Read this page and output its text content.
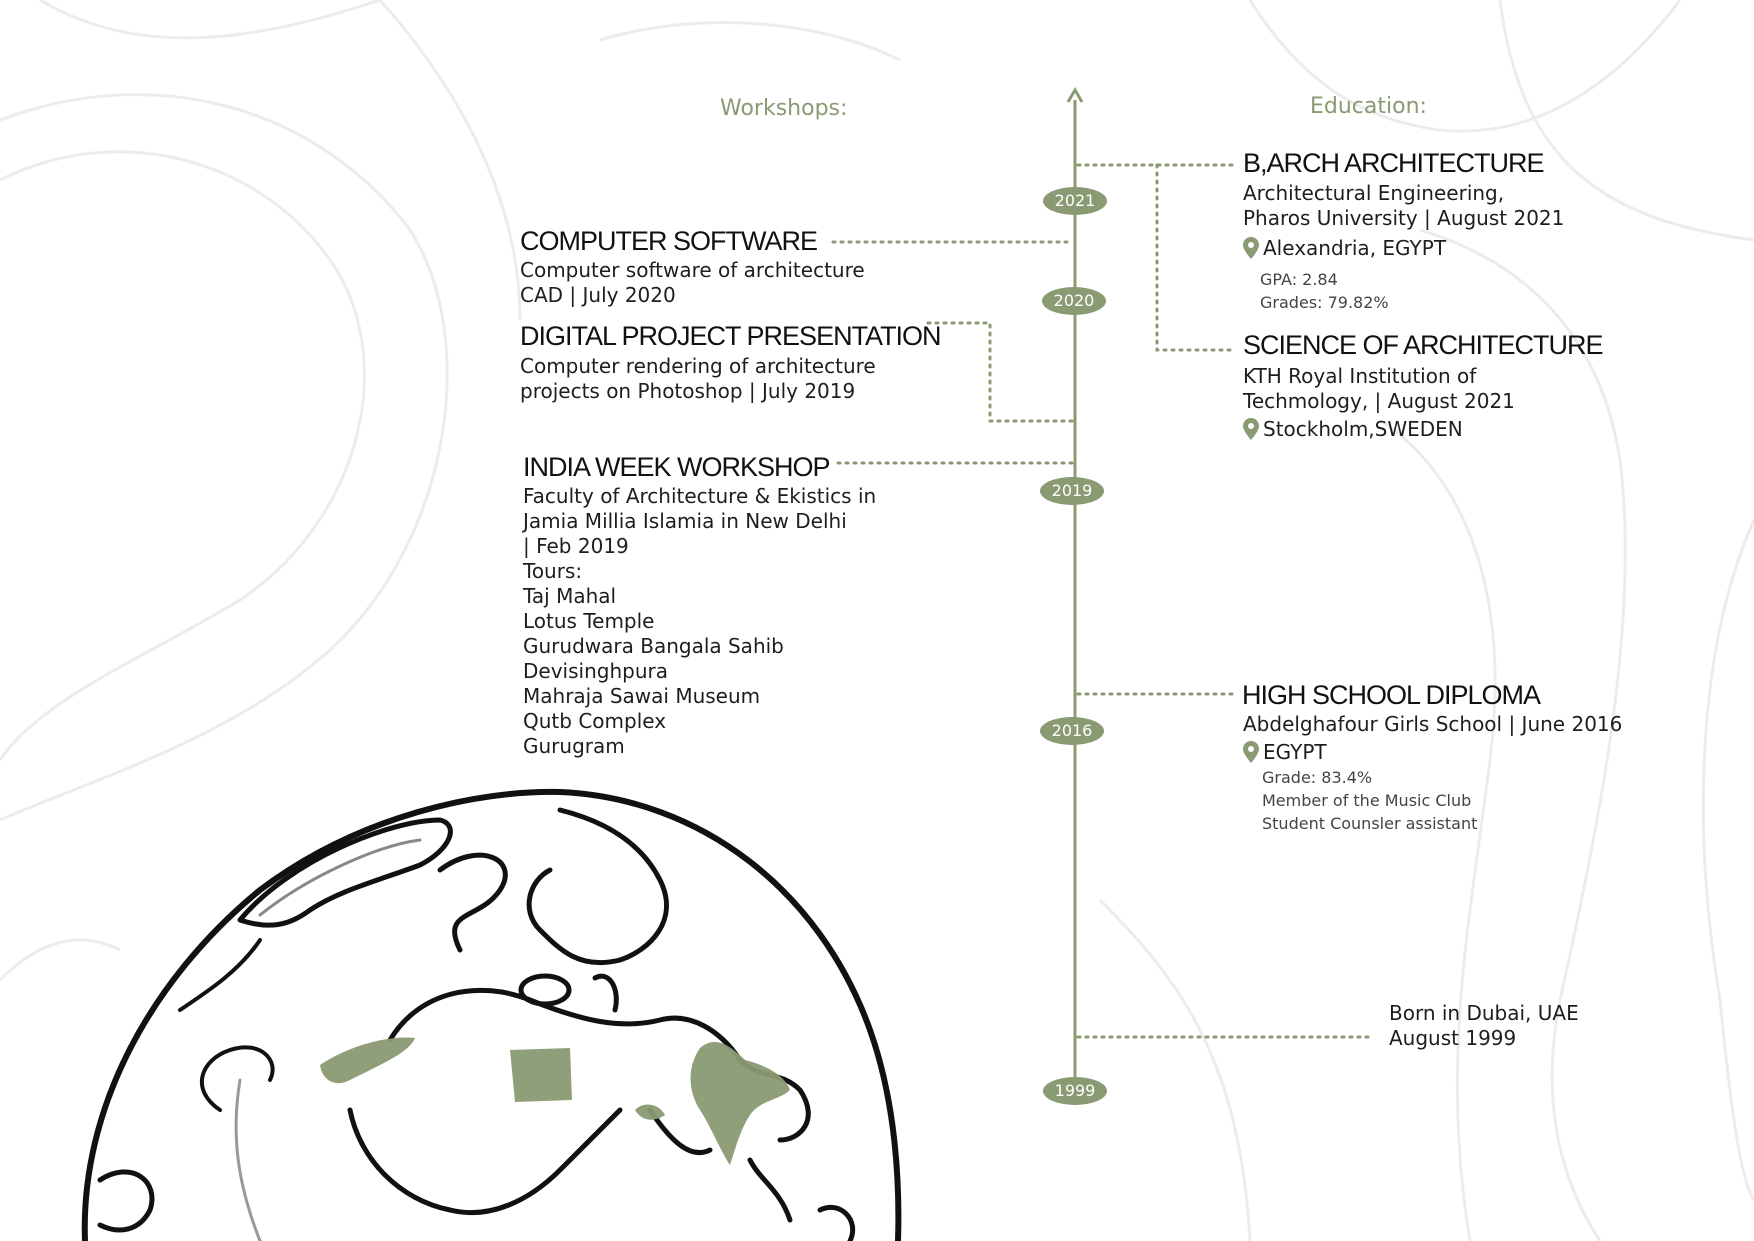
2021
2020
2019
2016
1999
Workshops:	Education:
COMPUTER SOFTWARE
Computer software of architecture
CAD | July 2020
DIGITAL PROJECT PRESENTATION
Computer rendering of architecture
projects on Photoshop | July 2019
INDIA WEEK WORKSHOP
Faculty of Architecture & Ekistics in
Jamia Millia Islamia in New Delhi
| Feb 2019
Tours:
Taj Mahal
Lotus Temple
Gurudwara Bangala Sahib
Devisinghpura
Mahraja Sawai Museum
Qutb Complex
Gurugram
B,ARCH ARCHITECTURE
Architectural Engineering,
Pharos University | August 2021
Alexandria, EGYPT
GPA: 2.84
Grades: 79.82%
SCIENCE OF ARCHITECTURE
KTH Royal Institution of
Techmology, | August 2021
Stockholm,SWEDEN
HIGH SCHOOL DIPLOMA
Abdelghafour Girls School | June 2016
EGYPT
Grade: 83.4%
Member of the Music Club
Student Counsler assistant
Born in Dubai, UAE
August 1999
